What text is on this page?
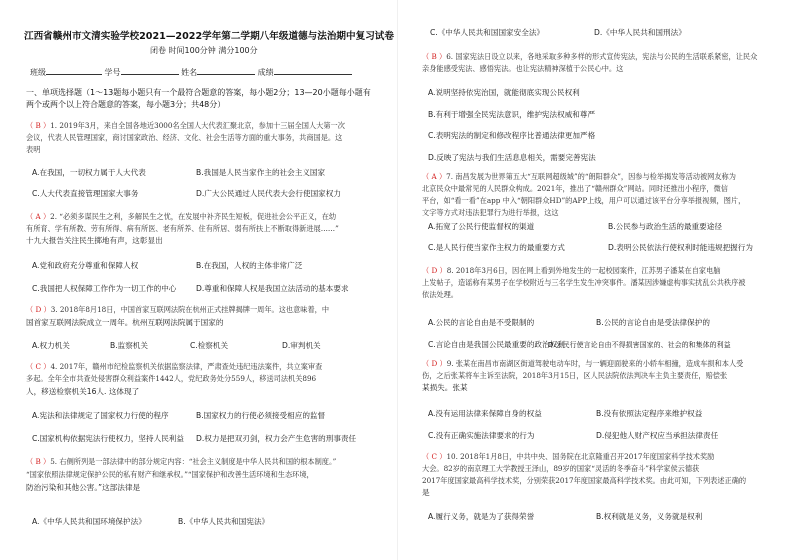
江西省赣州市文清实验学校2021—2022学年第二学期八年级道德与法治期中复习试卷
闭卷 时间100分钟 满分100分
班级	学号	姓名	成绩
一、单项选择题（1～13题每小题只有一个最符合题意的答案，每小题2分；13—20小题每小题有
两个或两个以上符合题意的答案，每小题3分；共48分）
（ B ）1. 2019年3月，来自全国各地近3000名全国人大代表汇聚北京，参加十三届全国人大第一次
会议，代表人民管理国家，商讨国家政治、经济、文化、社会生活等方面的重大事务，共商国是。这
表明
A.在我国，一切权力属于人大代表	B.我国是人民当家作主的社会主义国家
C.人大代表直接管理国家大事务	D.广大公民通过人民代表大会行使国家权力
（ A ）2. “必须多谋民生之利，多解民生之忧，在发展中补齐民生短板，促进社会公平正义，在幼
有所育、学有所教、劳有所得、病有所医、老有所养、住有所居、弱有所扶上不断取得新进展……”
十九大报告关注民生掷地有声，这彰显出
A.党和政府充分尊重和保障人权	B.在我国，人权的主体非常广泛
C.我国把人权保障工作作为一切工作的中心	D.尊重和保障人权是我国立法活动的基本要求
（ D ）3. 2018年8月18日，中国首家互联网法院在杭州正式挂牌揭牌一周年。这也意味着，中
国首家互联网法院成立一周年。杭州互联网法院属于国家的
A.权力机关	B.监察机关	C.检察机关	D.审判机关
（ C ）4. 2017年，赣州市纪检监察机关依据监察法律，严肃查处违纪违法案件，共立案审查
多起。全年全市共查处侵害群众利益案件1442人，党纪政务处分559人，移送司法机关896
人，移送检察机关16人. 这体现了
A.宪法和法律规定了国家权力行使的程序	B.国家权力的行使必须接受相应的监督
C.国家机构依据宪法行使权力，坚持人民利益 D.权力是把双刃剑，权力会产生危害的刑事责任
（ B ）5. 右侧所列是一部法律中的部分规定内容：“社会主义制度是中华人民共和国的根本制度。”
“国家依照法律规定保护公民的私有财产和继承权。”“国家保护和改善生活环境和生态环境，
防治污染和其他公害。”这部法律是
A.《中华人民共和国环境保护法》	B.《中华人民共和国宪法》
C.《中华人民共和国国家安全法》	D.《中华人民共和国刑法》
（ B ）6. 国家宪法日设立以来，各地采取多种多样的形式宣传宪法，宪法与公民的生活联系紧密，让民众
亲身能感受宪法、感悟宪法。也让宪法精神深植于公民心中。这
A.说明坚持依宪治国，就能彻底实现公民权利
B.有利于增强全民宪法意识，维护宪法权威和尊严
C.表明宪法的制定和修改程序比普通法律更加严格
D.反映了宪法与我们生活息息相关，需要完善宪法
（ A ）7. 南昌发展为世界第五大“互联网超级城”的“朗阳群众”，因参与检举揭发等活动被网友称为
北京民众中最常见的人民群众构成。2021年，推出了“赣州群众”网站。同时还推出小程序，微信
平台，如“看一看”在app 中入“朝阳群众HD”的APP上线，用户可以通过该平台分享举报视频，图片，
文字等方式对违法犯罪行为进行举报，这这
A.拓宽了公民行使监督权的渠道	B.公民参与政治生活的最重要途径
C.是人民行使当家作主权力的最重要方式	D.表明公民依法行使权利时能违规把握行为
（ D ）8. 2018年3月6日，因在网上看到外地发生的一起校园案件，江苏男子潘某在自家电脑
上发帖子，造谣称有某男子在学校附近与三名学生发生冲突事件。潘某因涉嫌虚构事实扰乱公共秩序被
依法处理。
A.公民的言论自由是不受限制的	B.公民的言论自由是受法律保护的
C.言论自由是我国公民最重要的政治权利
D.公民行使言论自由不得损害国家的、社会的和集体的利益
（ D ）9. 张某在南昌市南湖区街道驾驶电动车时，与一辆迎面驶来的小轿车相撞，造成车损和本人受
伤，之后张某将车主诉至法院，2018年3月15日，区人民法院依法判决车主负主要责任，赔偿张
某损失。张某
A.没有运用法律来保障自身的权益	B.没有依照法定程序来维护权益
C.没有正确实施法律要求的行为	D.侵犯他人财产权应当承担法律责任
（ C ）10. 2018年1月8日，中共中央、国务院在北京隆重召开2017年度国家科学技术奖励
大会。82岁的南京理工大学教授王泽山，89岁的国家“灵活的冬季奋斗”科学家侯云德获
2017年度国家最高科学技术奖，分别荣获2017年度国家最高科学技术奖。由此可知，下列表述正确的
是
A.履行义务，就是为了获得荣誉	B.权利就是义务，义务就是权利
